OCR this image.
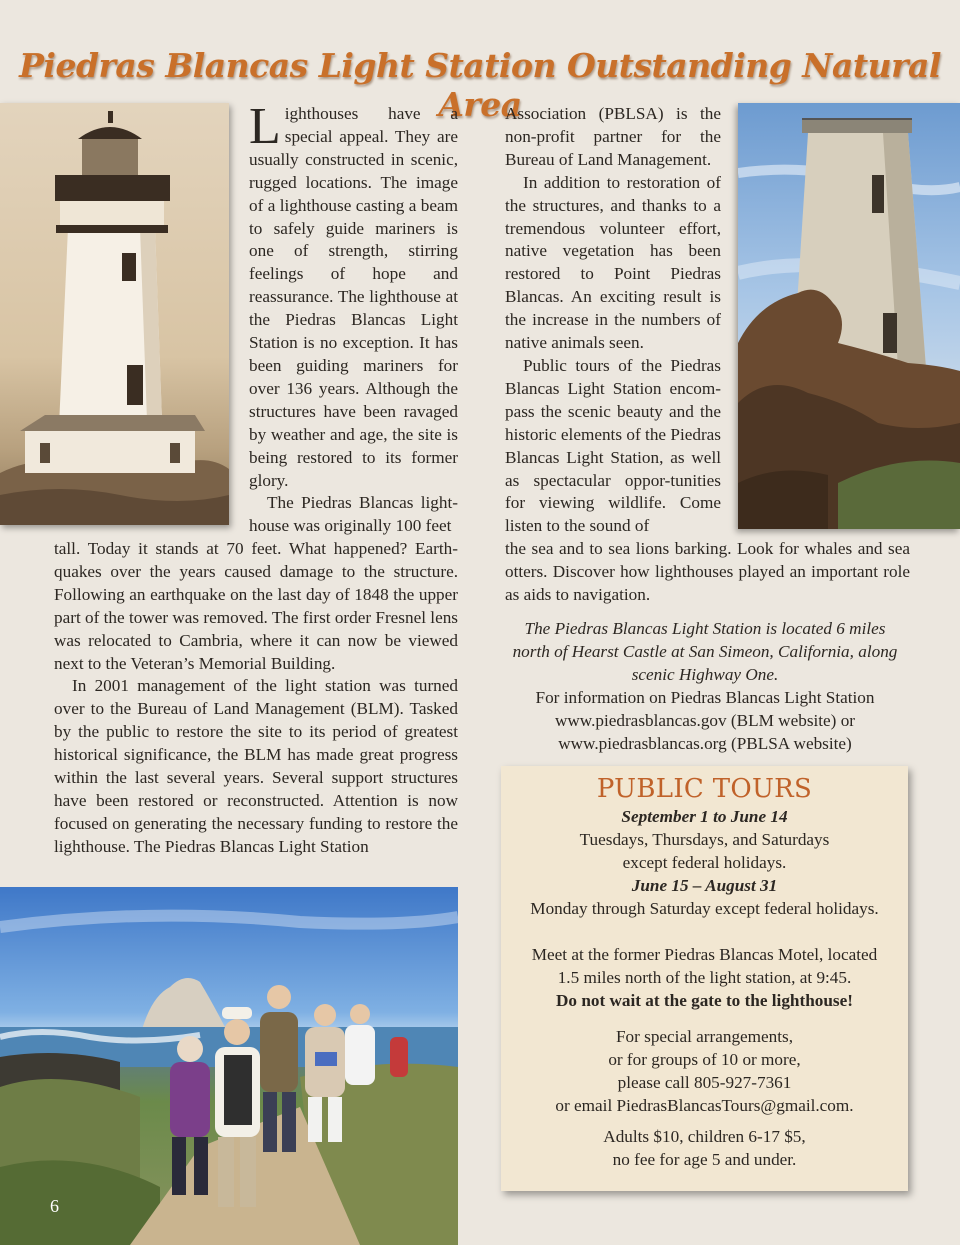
Piedras Blancas Light Station Outstanding Natural Area

Lighthouses have a special appeal. They are usually constructed in scenic, rugged locations. The image of a lighthouse casting a beam to safely guide mariners is one of strength, stirring feelings of hope and reassurance. The lighthouse at the Piedras Blancas Light Station is no exception. It has been guiding mariners for over 136 years. Although the structures have been ravaged by weather and age, the site is being restored to its former glory.

The Piedras Blancas light-house was originally 100 feet

tall. Today it stands at 70 feet. What happened? Earth-quakes over the years caused damage to the structure. Following an earthquake on the last day of 1848 the upper part of the tower was removed. The first order Fresnel lens was relocated to Cambria, where it can now be viewed next to the Veteran’s Memorial Building.

In 2001 management of the light station was turned over to the Bureau of Land Management (BLM). Tasked by the public to restore the site to its period of greatest historical significance, the BLM has made great progress within the last several years. Several support structures have been restored or reconstructed. Attention is now focused on generating the necessary funding to restore the lighthouse. The Piedras Blancas Light Station

Association (PBLSA) is the non-profit partner for the Bureau of Land Management.

In addition to restoration of the structures, and thanks to a tremendous volunteer effort, native vegetation has been restored to Point Piedras Blancas. An exciting result is the increase in the numbers of native animals seen.

Public tours of the Piedras Blancas Light Station encom-pass the scenic beauty and the historic elements of the Piedras Blancas Light Station, as well as spectacular oppor-tunities for viewing wildlife. Come listen to the sound of

the sea and to sea lions barking. Look for whales and sea otters. Discover how lighthouses played an important role as aids to navigation.

The Piedras Blancas Light Station is located 6 miles north of Hearst Castle at San Simeon, California, along scenic Highway One.

For information on Piedras Blancas Light Station

www.piedrasblancas.gov (BLM website) or

www.piedrasblancas.org (PBLSA website)

PUBLIC TOURS

September 1 to June 14

Tuesdays, Thursdays, and Saturdays

except federal holidays.

June 15 – August 31

Monday through Saturday except federal holidays.

Meet at the former Piedras Blancas Motel, located

1.5 miles north of the light station, at 9:45.

Do not wait at the gate to the lighthouse!

For special arrangements,

or for groups of 10 or more,

please call 805-927-7361

or email PiedrasBlancasTours@gmail.com.

Adults $10, children 6-17 $5,

no fee for age 5 and under.

6
